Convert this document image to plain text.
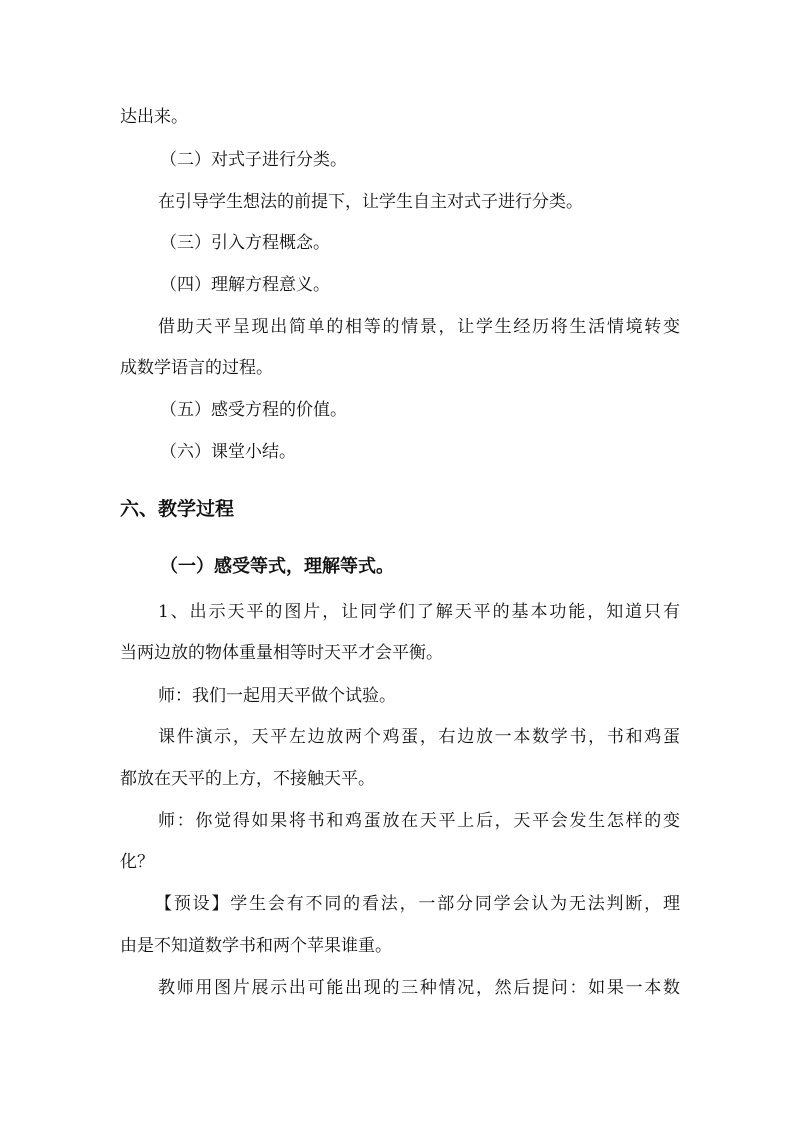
达出来。
（二）对式子进行分类。
在引导学生想法的前提下，让学生自主对式子进行分类。
（三）引入方程概念。
（四）理解方程意义。
借助天平呈现出简单的相等的情景，让学生经历将生活情境转变
成数学语言的过程。
（五）感受方程的价值。
（六）课堂小结。
六、教学过程
（一）感受等式，理解等式。
1、出示天平的图片，让同学们了解天平的基本功能，知道只有
当两边放的物体重量相等时天平才会平衡。
师：我们一起用天平做个试验。
课件演示，天平左边放两个鸡蛋，右边放一本数学书，书和鸡蛋
都放在天平的上方，不接触天平。
师：你觉得如果将书和鸡蛋放在天平上后，天平会发生怎样的变
化？
【预设】学生会有不同的看法，一部分同学会认为无法判断，理
由是不知道数学书和两个苹果谁重。
教师用图片展示出可能出现的三种情况，然后提问：如果一本数
